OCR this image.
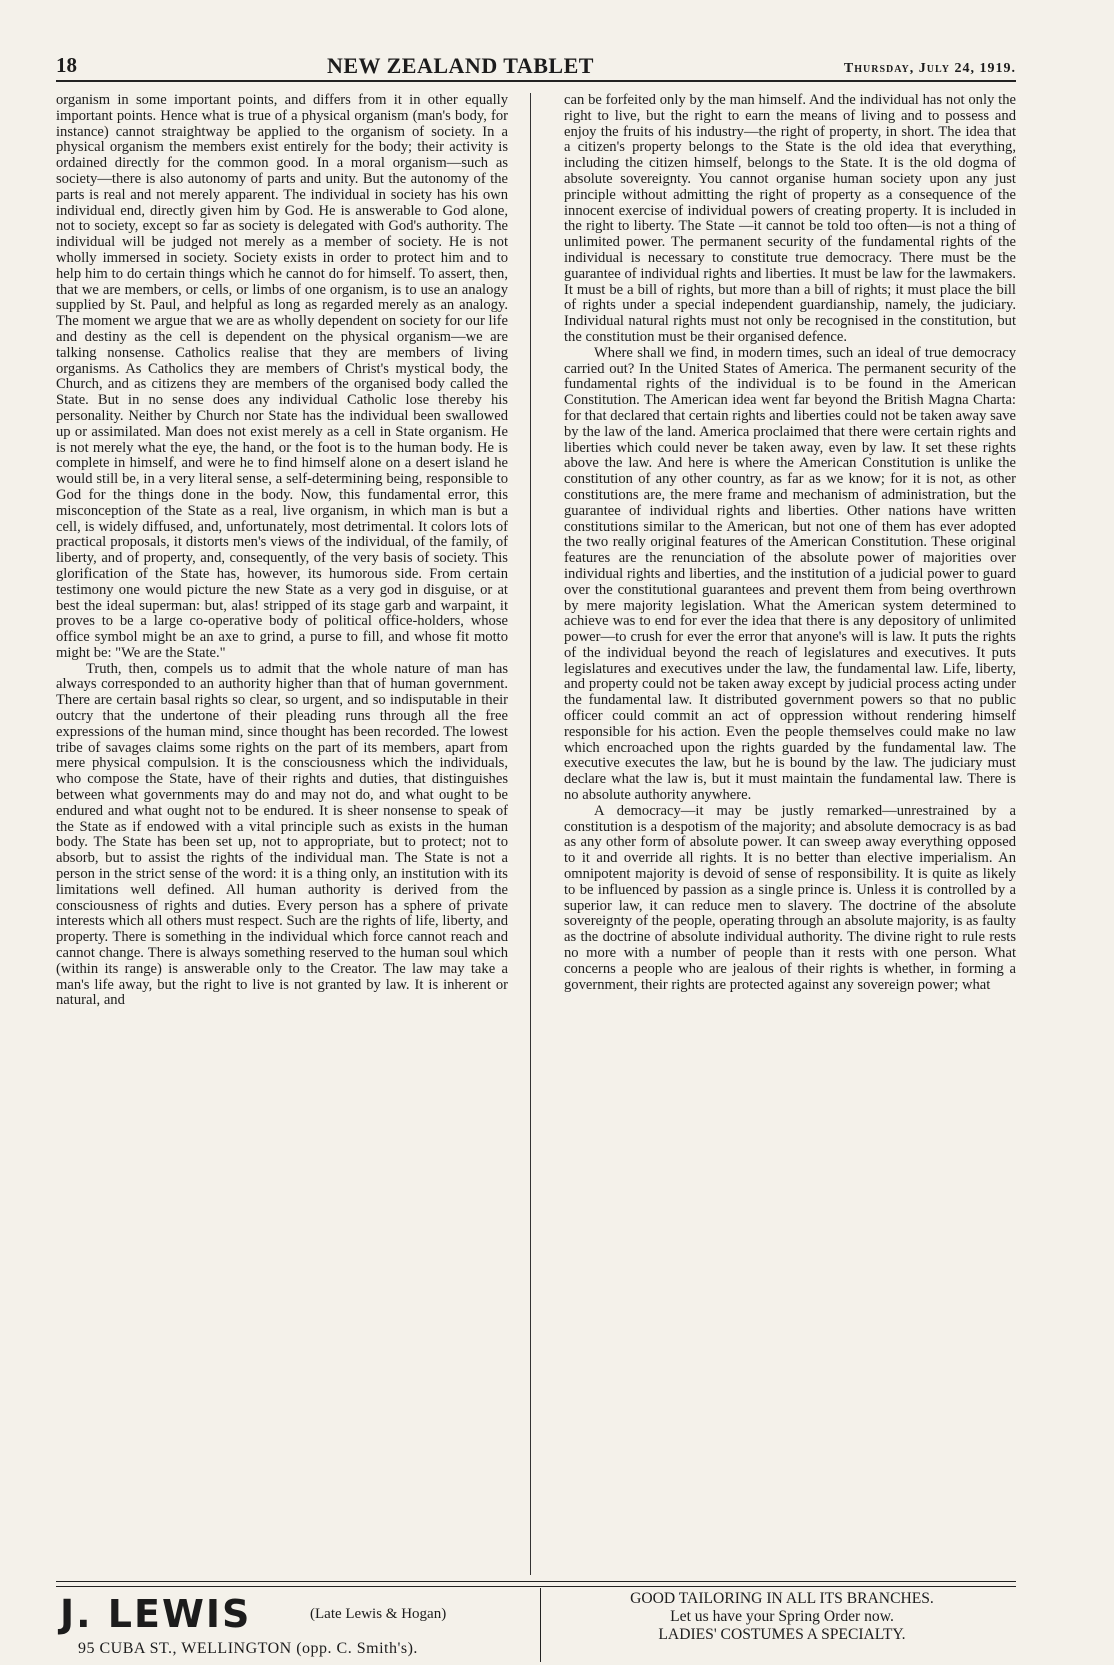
18	NEW ZEALAND TABLET	Thursday, July 24, 1919.

organism in some important points, and differs from it in other equally important points. Hence what is true of a physical organism (man's body, for instance) cannot straightway be applied to the organism of society. In a physical organism the members exist entirely for the body; their activity is ordained directly for the common good. In a moral organism—such as society—there is also autonomy of parts and unity. But the autonomy of the parts is real and not merely apparent. The individual in society has his own individual end, directly given him by God. He is answerable to God alone, not to society, except so far as society is delegated with God's authority. The individual will be judged not merely as a member of society. He is not wholly immersed in society. Society exists in order to protect him and to help him to do certain things which he cannot do for himself. To assert, then, that we are members, or cells, or limbs of one organism, is to use an analogy supplied by St. Paul, and helpful as long as regarded merely as an analogy. The moment we argue that we are as wholly dependent on society for our life and destiny as the cell is dependent on the physical organism—we are talking nonsense. Catholics realise that they are members of living organisms. As Catholics they are members of Christ's mystical body, the Church, and as citizens they are members of the organised body called the State. But in no sense does any individual Catholic lose thereby his personality. Neither by Church nor State has the individual been swallowed up or assimilated. Man does not exist merely as a cell in State organism. He is not merely what the eye, the hand, or the foot is to the human body. He is complete in himself, and were he to find himself alone on a desert island he would still be, in a very literal sense, a self-determining being, responsible to God for the things done in the body. Now, this fundamental error, this misconception of the State as a real, live organism, in which man is but a cell, is widely diffused, and, unfortunately, most detrimental. It colors lots of practical proposals, it distorts men's views of the individual, of the family, of liberty, and of property, and, consequently, of the very basis of society. This glorification of the State has, however, its humorous side. From certain testimony one would picture the new State as a very god in disguise, or at best the ideal superman: but, alas! stripped of its stage garb and warpaint, it proves to be a large co-operative body of political office-holders, whose office symbol might be an axe to grind, a purse to fill, and whose fit motto might be: "We are the State."

Truth, then, compels us to admit that the whole nature of man has always corresponded to an authority higher than that of human government. There are certain basal rights so clear, so urgent, and so indisputable in their outcry that the undertone of their pleading runs through all the free expressions of the human mind, since thought has been recorded. The lowest tribe of savages claims some rights on the part of its members, apart from mere physical compulsion. It is the consciousness which the individuals, who compose the State, have of their rights and duties, that distinguishes between what governments may do and may not do, and what ought to be endured and what ought not to be endured. It is sheer nonsense to speak of the State as if endowed with a vital principle such as exists in the human body. The State has been set up, not to appropriate, but to protect; not to absorb, but to assist the rights of the individual man. The State is not a person in the strict sense of the word: it is a thing only, an institution with its limitations well defined. All human authority is derived from the consciousness of rights and duties. Every person has a sphere of private interests which all others must respect. Such are the rights of life, liberty, and property. There is something in the individual which force cannot reach and cannot change. There is always something reserved to the human soul which (within its range) is answerable only to the Creator. The law may take a man's life away, but the right to live is not granted by law. It is inherent or natural, and

can be forfeited only by the man himself. And the individual has not only the right to live, but the right to earn the means of living and to possess and enjoy the fruits of his industry—the right of property, in short. The idea that a citizen's property belongs to the State is the old idea that everything, including the citizen himself, belongs to the State. It is the old dogma of absolute sovereignty. You cannot organise human society upon any just principle without admitting the right of property as a consequence of the innocent exercise of individual powers of creating property. It is included in the right to liberty. The State —it cannot be told too often—is not a thing of unlimited power. The permanent security of the fundamental rights of the individual is necessary to constitute true democracy. There must be the guarantee of individual rights and liberties. It must be law for the lawmakers. It must be a bill of rights, but more than a bill of rights; it must place the bill of rights under a special independent guardianship, namely, the judiciary. Individual natural rights must not only be recognised in the constitution, but the constitution must be their organised defence.

Where shall we find, in modern times, such an ideal of true democracy carried out? In the United States of America. The permanent security of the fundamental rights of the individual is to be found in the American Constitution. The American idea went far beyond the British Magna Charta: for that declared that certain rights and liberties could not be taken away save by the law of the land. America proclaimed that there were certain rights and liberties which could never be taken away, even by law. It set these rights above the law. And here is where the American Constitution is unlike the constitution of any other country, as far as we know; for it is not, as other constitutions are, the mere frame and mechanism of administration, but the guarantee of individual rights and liberties. Other nations have written constitutions similar to the American, but not one of them has ever adopted the two really original features of the American Constitution. These original features are the renunciation of the absolute power of majorities over individual rights and liberties, and the institution of a judicial power to guard over the constitutional guarantees and prevent them from being overthrown by mere majority legislation. What the American system determined to achieve was to end for ever the idea that there is any depository of unlimited power—to crush for ever the error that anyone's will is law. It puts the rights of the individual beyond the reach of legislatures and executives. It puts legislatures and executives under the law, the fundamental law. Life, liberty, and property could not be taken away except by judicial process acting under the fundamental law. It distributed government powers so that no public officer could commit an act of oppression without rendering himself responsible for his action. Even the people themselves could make no law which encroached upon the rights guarded by the fundamental law. The executive executes the law, but he is bound by the law. The judiciary must declare what the law is, but it must maintain the fundamental law. There is no absolute authority anywhere.

A democracy—it may be justly remarked—unrestrained by a constitution is a despotism of the majority; and absolute democracy is as bad as any other form of absolute power. It can sweep away everything opposed to it and override all rights. It is no better than elective imperialism. An omnipotent majority is devoid of sense of responsibility. It is quite as likely to be influenced by passion as a single prince is. Unless it is controlled by a superior law, it can reduce men to slavery. The doctrine of the absolute sovereignty of the people, operating through an absolute majority, is as faulty as the doctrine of absolute individual authority. The divine right to rule rests no more with a number of people than it rests with one person. What concerns a people who are jealous of their rights is whether, in forming a government, their rights are protected against any sovereign power; what

J. LEWIS	(Late Lewis & Hogan)
95 CUBA ST., WELLINGTON (opp. C. Smith's).
GOOD TAILORING IN ALL ITS BRANCHES.
Let us have your Spring Order now.
LADIES' COSTUMES A SPECIALTY.
